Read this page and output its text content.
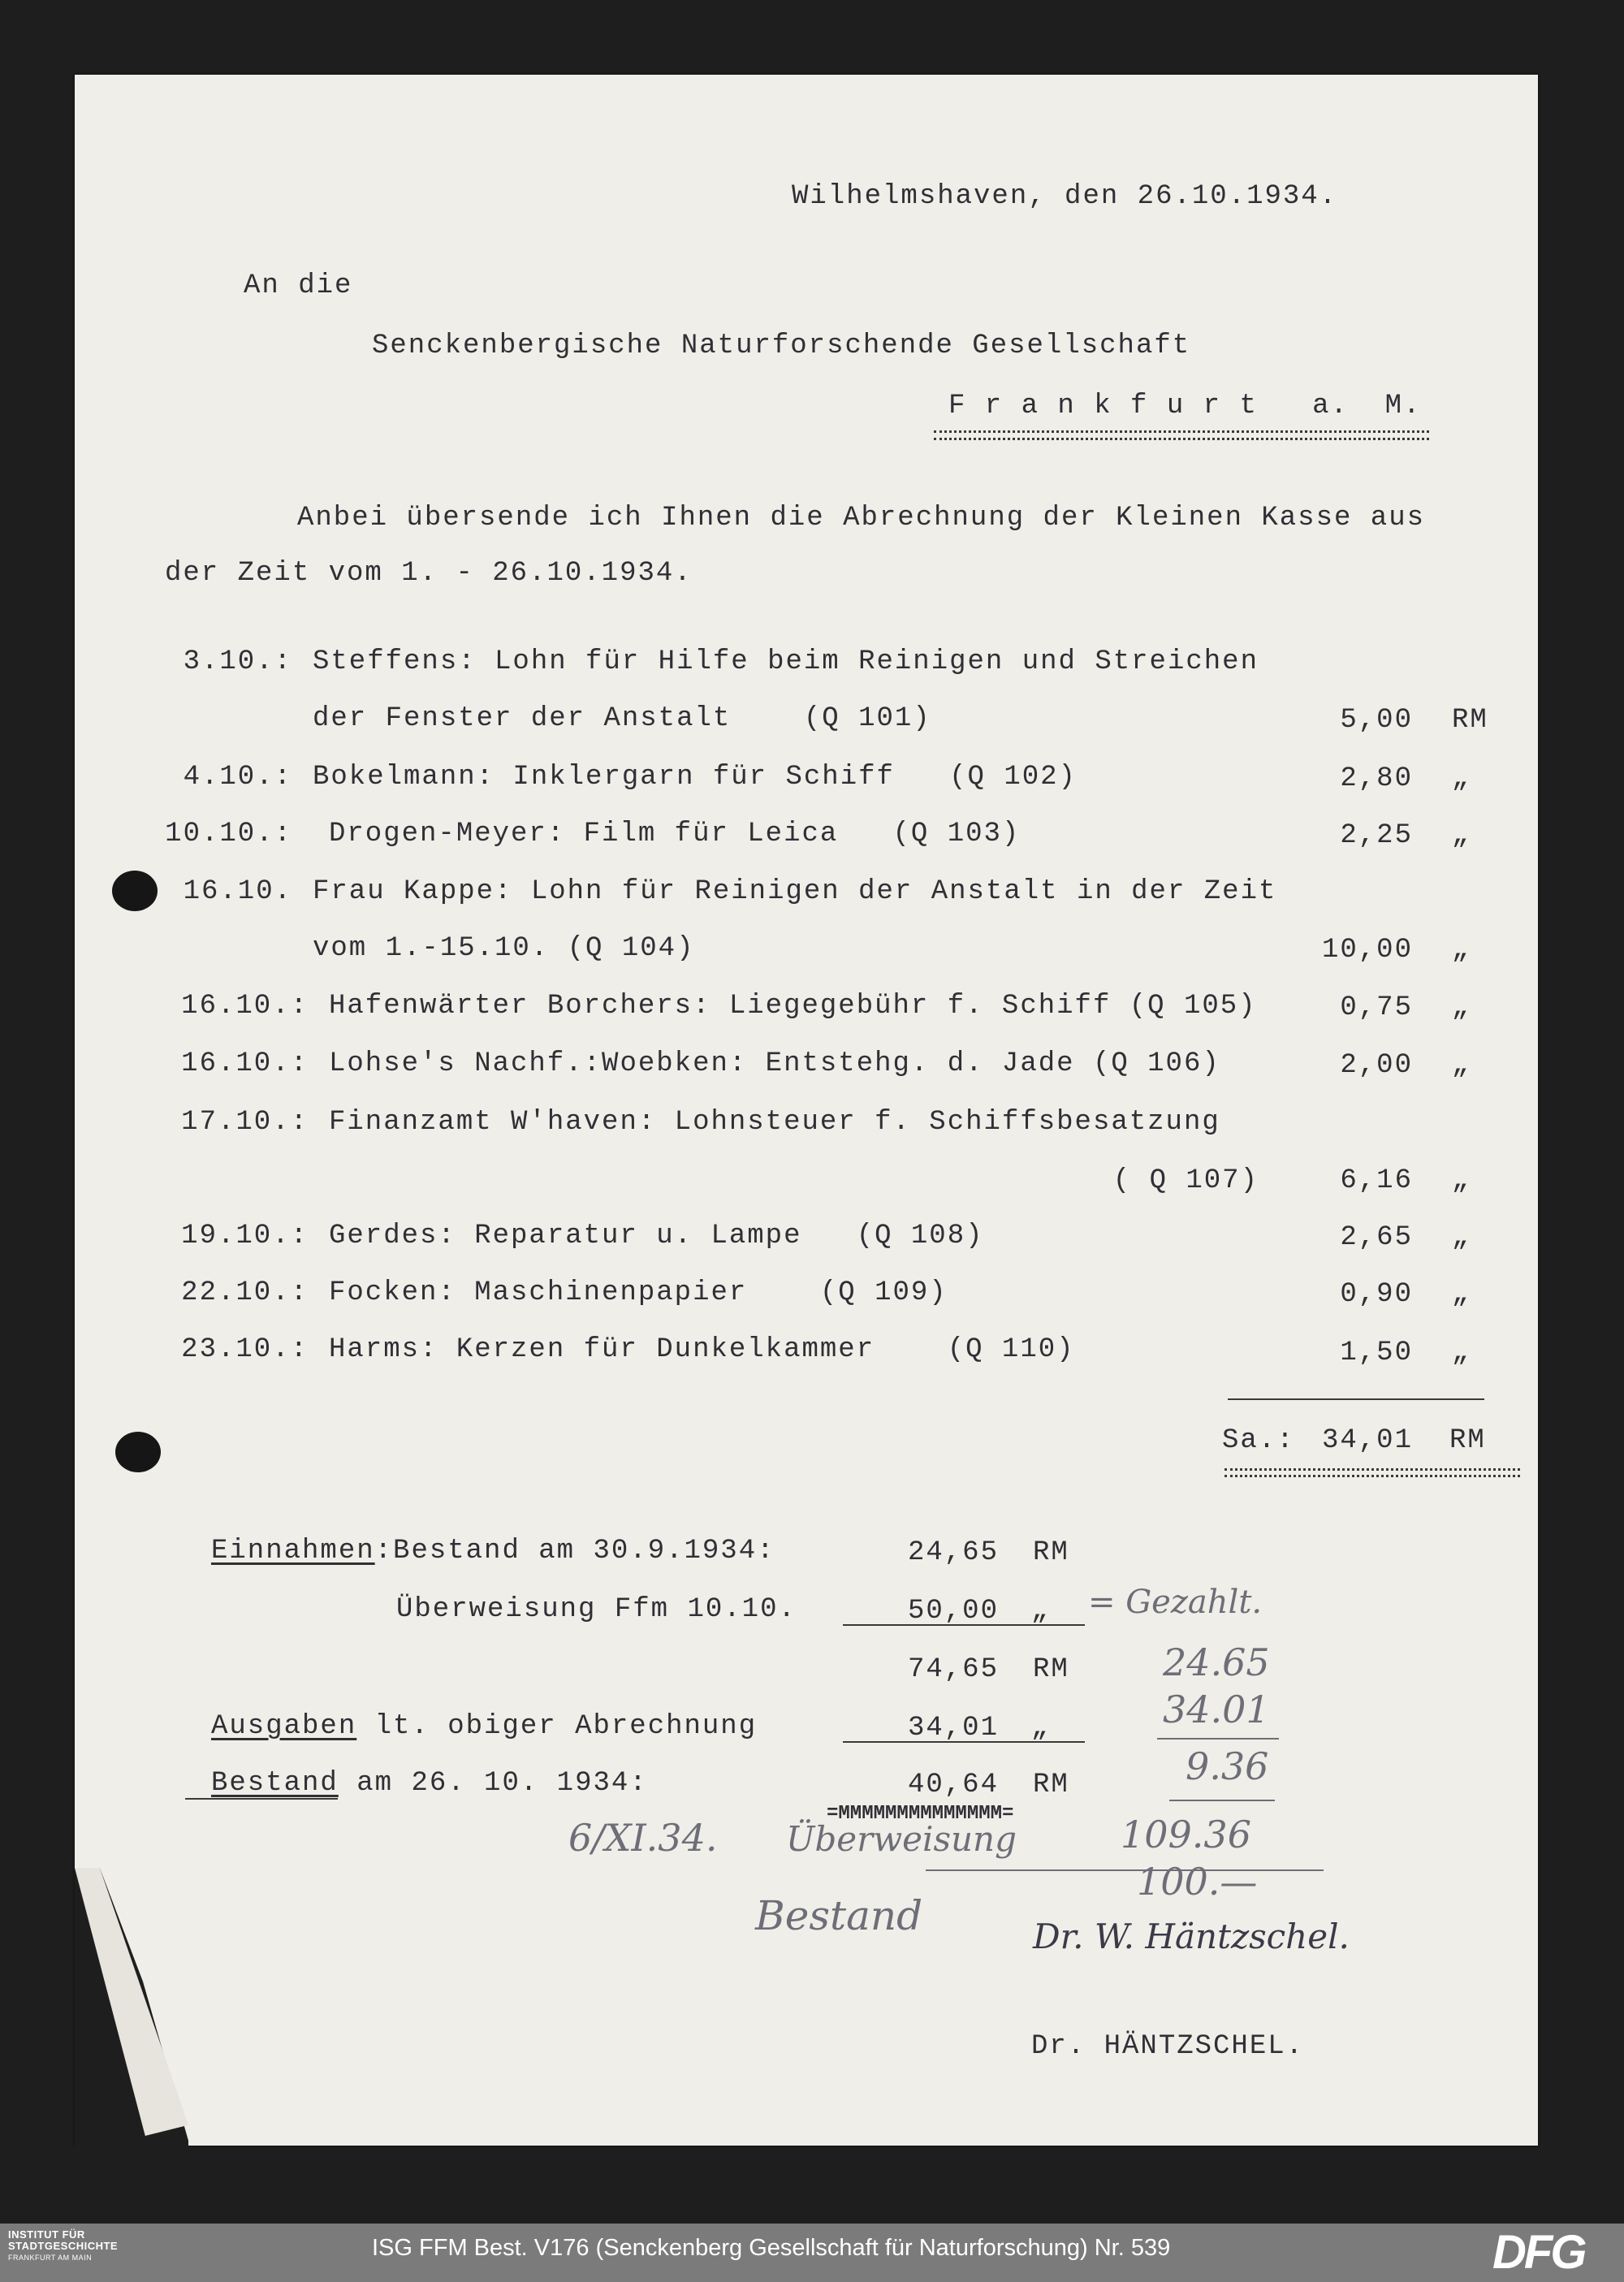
Wilhelmshaven, den 26.10.1934.
An die
Senckenbergische Naturforschende Gesellschaft
F r a n k f u r t   a.  M.
Anbei übersende ich Ihnen die Abrechnung der Kleinen Kasse aus
der Zeit vom 1. - 26.10.1934.
3.10.: Steffens: Lohn für Hilfe beim Reinigen und Streichen
der Fenster der Anstalt    (Q 101)	5,00 RM
4.10.: Bokelmann: Inklergarn für Schiff   (Q 102)	2,80 „
10.10.: Drogen-Meyer: Film für Leica   (Q 103)	2,25 „
16.10. Frau Kappe: Lohn für Reinigen der Anstalt in der Zeit
vom 1.-15.10. (Q 104)	10,00 „
16.10.: Hafenwärter Borchers: Liegegebühr f. Schiff (Q 105)	0,75 „
16.10.: Lohse's Nachf.:Woebken: Entstehg. d. Jade (Q 106)	2,00 „
17.10.: Finanzamt W'haven: Lohnsteuer f. Schiffsbesatzung
( Q 107)	6,16 „
19.10.: Gerdes: Reparatur u. Lampe   (Q 108)	2,65 „
22.10.: Focken: Maschinenpapier    (Q 109)	0,90 „
23.10.: Harms: Kerzen für Dunkelkammer    (Q 110)	1,50 „
Sa.: 34,01 RM
Einnahmen:Bestand am 30.9.1934:	24,65 RM
Überweisung Ffm 10.10.	50,00 „
74,65 RM
Ausgaben lt. obiger Abrechnung	34,01 „
Bestand am 26. 10. 1934:	40,64 RM
=MMMMMMMMMMMMMM=
= Gezahlt.
24.65
34.01
9.36
109.36
6/XI.34. Überweisung
100.—
Bestand	Dr. W. Häntzschel.
Dr. HÄNTZSCHEL.
INSTITUT FÜR
STADTGESCHICHTE
FRANKFURT AM MAIN	ISG FFM Best. V176 (Senckenberg Gesellschaft für Naturforschung) Nr. 539	DFG
